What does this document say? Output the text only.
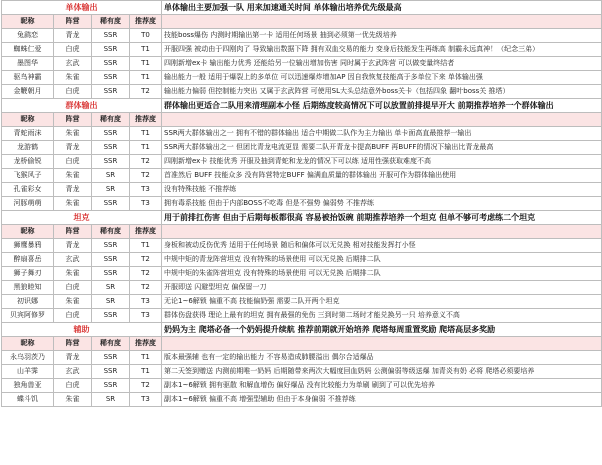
单体输出				单体输出主要加强一队 用来加速通关时间 单体输出培养优先级最高
昵称	阵营	稀有度	推荐度	
兔鹞恋	青龙	SSR	T0	技能boss爆伤 内测时期输出第一卡 适用任何场景 抽到必须第一优先级培养
蜘蛛仁爱	白虎	SSR	T1	开服四强 被动由于四刚肉了 导致输出数据下降 拥有双血交易的能力 变身后技能发生再练高 制霸永远真神！（纪念三弟）
墨图华	玄武	SSR	T1	四刚新增ex卡 输出能力优秀 还能给另一位输出增加伤害 同时属于玄武阵营 可以做变量终结者
驱鸟神霸	朱雀	SSR	T1	输出能力一般 适用于爆裂上的多单位 可以迅速爆炸增加AP 因自我恢复技能高于多单位下来 单体输出强
金鞭朝月	白虎	SSR	T2	输出能力偏弱 但控制能力突出 又属于玄武阵营 可使用SL大头总结意外boss关卡（包括四象 翻叶boss关 推塔）
群体输出				群体输出更适合二队用来清理副本小怪 后期练度较高情况下可以放置前排提早开大 前期推荐培养一个群体输出
昵称	阵营	稀有度	推荐度	
青蛇雨沫	朱雀	SSR	T1	SSR两大群体输出之一 拥有不错的群体输出 适合中期做二队作为主力输出 单卡面高直最推荐一输出
龙游鹤	青龙	SSR	T1	SSR两大群体输出之一 但团比青龙电流更显 需要二队开青龙卡提高BUFF 再BUFF的情况下输出比青龙最高
龙桥偷锐	白虎	SSR	T2	四刚新增ex卡 技能优秀 开服及抽到青蛇和龙龙的情况下可以练 适用性强获取难度不高
飞猴风子	朱雀	SR	T2	首准然后 BUFF 技能众多 没有阵营特定BUFF 偏满血质量的群体输出 开服可作为群体输出使用
孔雀彩女	青龙	SR	T3	没有特殊技能 不推荐练
河豚萌萌	朱雀	SSR	T3	拥有毒系技能 但由于内部BOSS不吃毒 但是不强势 偏弱势 不推荐练
坦克				用于前排扛伤害 但由于后期每板都很高 容易被抬饭碗 前期推荐培养一个坦克 但单不够可考虑练二个坦克
昵称	阵营	稀有度	推荐度	
狮鹰暴鸦	青龙	SSR	T1	身板和被动反伤优秀 适用于任何场景 随后和偏体可以无兑换 相对技能发挥打小怪
醉扇喜岳	玄武	SSR	T2	中规中矩的青龙阵营坦克 没有特殊的场景使用 可以无兑换 后期排二队
狮子舞刃	朱雀	SSR	T2	中规中矩的朱雀阵营坦克 没有特殊的场景使用 可以无兑换 后期排二队
黑狼睦知	白虎	SR	T2	开服即送 闪避型坦克 偏保留一刀
初识娜	朱雀	SR	T3	无论1~6解锁 偏重不高 技能偏奶强 需要二队开两个坦克
贝宾阿修罗	白虎	SSR	T3	群体伤盘获得 理论上最有的坦克 拥有最强的免伤 三到时第二场时才能兑换另一只 培养意义不高
辅助				奶妈为主 爬塔必备一个奶妈提升续航 推荐前期就开始培养 爬塔每周重置奖励 爬塔高层多奖励
昵称	阵营	稀有度	推荐度	
永乌羽茨乃	青龙	SSR	T1	版本最强辅 也有一定的输出能力 不容易造成肺腰溢出 偶尔合适爆品
山羊霁	玄武	SSR	T1	第二天签到赠送 内测前期唯一奶妈 后期随带来两次大幅度回血奶妈 公测偏弱等级送爆 加青炎有奶 必将 爬塔必须要培养
独角兽亚	白虎	SSR	T2	副本1~6解锁 拥有驱散 和解血增伤 偏好爆品 没有比较能力为单刷 刷到了可以优先培养
蝶斗饥	朱雀	SR	T3	副本1~6解锁 偏重不高 增强型辅助 但由于本身偏弱 不推荐练
